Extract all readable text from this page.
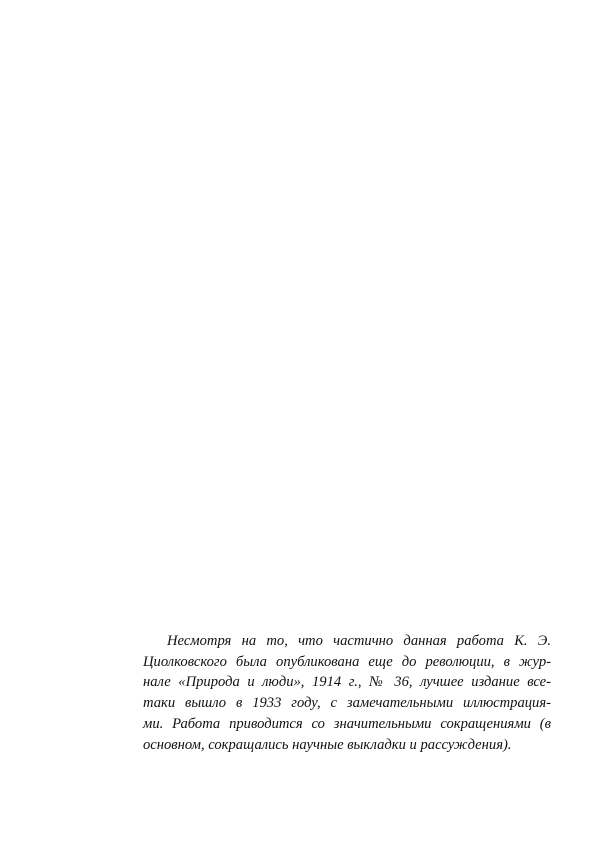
Несмотря на то, что частично данная работа К. Э.
Циолковского была опубликована еще до революции, в жур-
нале «Природа и люди», 1914 г., № 36, лучшее издание все-
таки вышло в 1933 году, с замечательными иллюстрация-
ми. Работа приводится со значительными сокращениями (в
основном, сокращались научные выкладки и рассуждения).
